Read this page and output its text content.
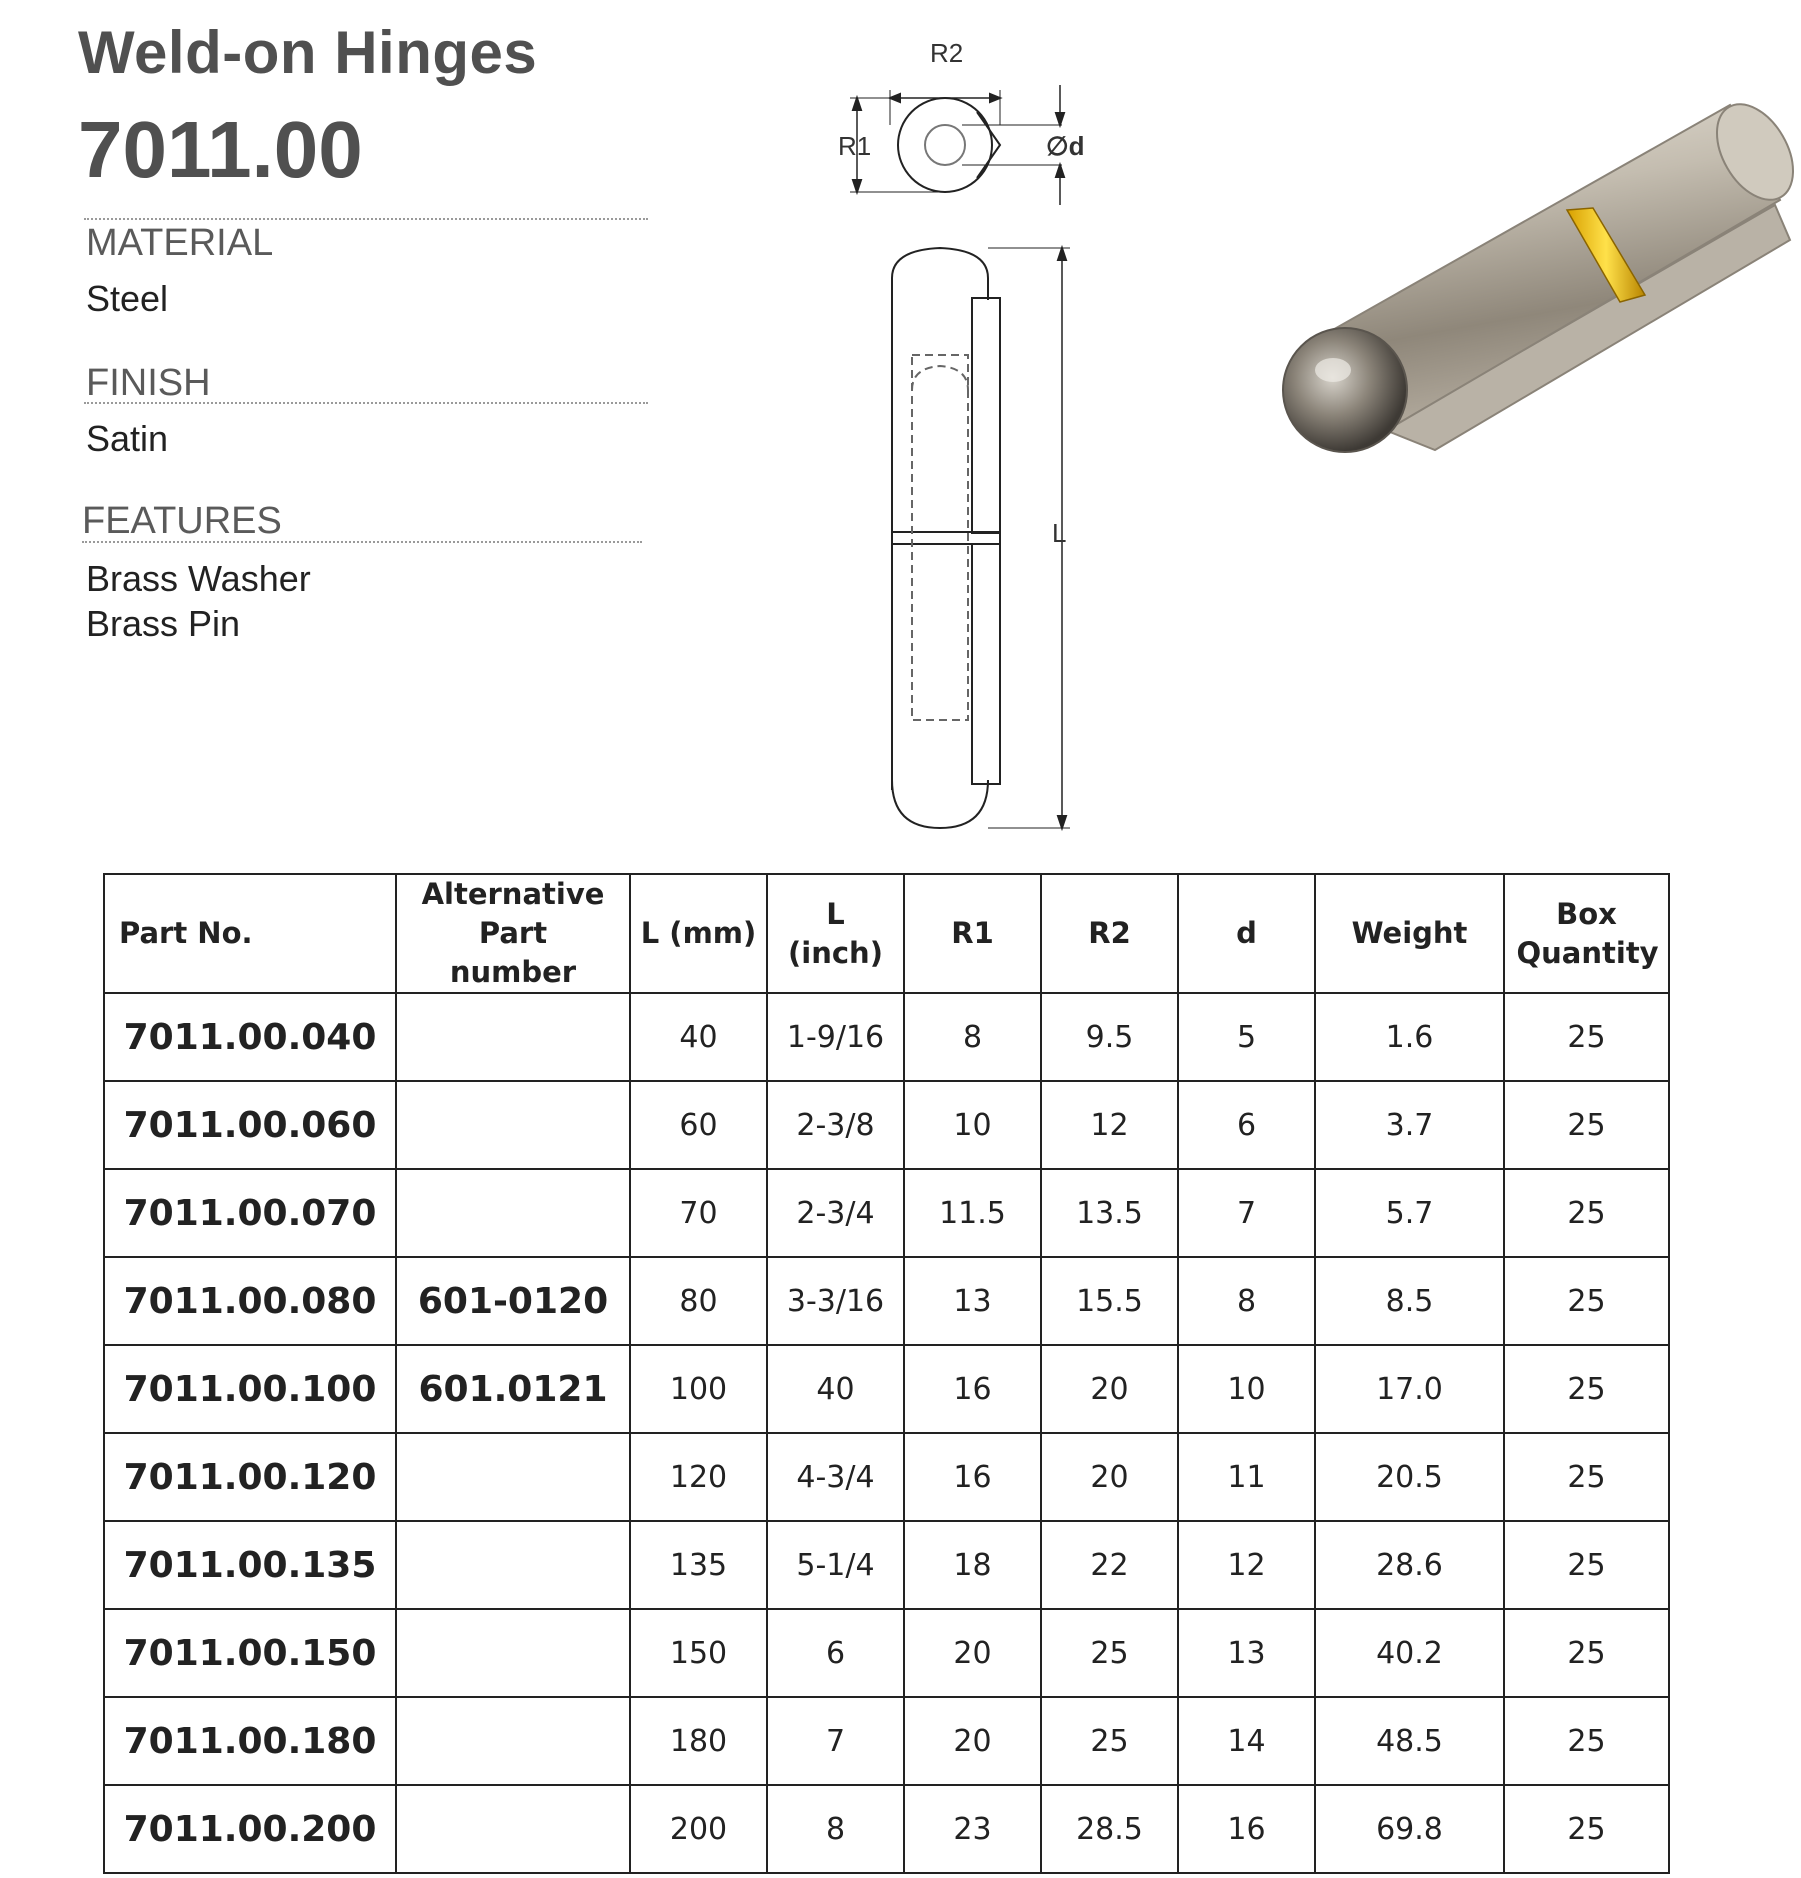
Weld-on Hinges
7011.00
MATERIAL
Steel
FINISH
Satin
FEATURES
Brass Washer
Brass Pin
R2
R1	∅d
L
Part No.	Alternative Part number	L (mm)	L (inch)	R1	R2	d	Weight	Box Quantity
7011.00.040		40	1-9/16	8	9.5	5	1.6	25
7011.00.060		60	2-3/8	10	12	6	3.7	25
7011.00.070		70	2-3/4	11.5	13.5	7	5.7	25
7011.00.080	601-0120	80	3-3/16	13	15.5	8	8.5	25
7011.00.100	601.0121	100	40	16	20	10	17.0	25
7011.00.120		120	4-3/4	16	20	11	20.5	25
7011.00.135		135	5-1/4	18	22	12	28.6	25
7011.00.150		150	6	20	25	13	40.2	25
7011.00.180		180	7	20	25	14	48.5	25
7011.00.200		200	8	23	28.5	16	69.8	25
